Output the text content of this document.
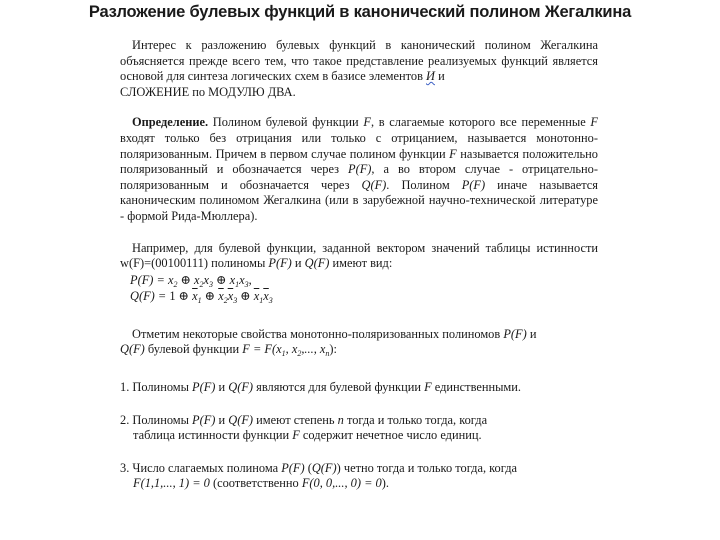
Разложение булевых функций в канонический полином Жегалкина

Интерес к разложению булевых функций в канонический полином Жегалкина объясняется прежде всего тем, что такое представление реализуемых функций является основой для синтеза логических схем в базисе элементов И и
СЛОЖЕНИЕ по МОДУЛЮ ДВА.

Определение. Полином булевой функции F, в слагаемые которого все переменные F входят только без отрицания или только с отрицанием, называется монотонно-поляризованным. Причем в первом случае полином функции F называется положительно поляризованный и обозначается через P(F), а во втором случае - отрицательно-поляризованным и обозначается через Q(F). Полином P(F) иначе называется каноническим полиномом Жегалкина (или в зарубежной научно-технической литературе - формой Рида-Мюллера).

Например, для булевой функции, заданной вектором значений таблицы истинности w(F)=(00100111) полиномы P(F) и Q(F) имеют вид:

$P(F) = x_2$ ⊕ $x_2x_3$ ⊕ $x_1x_3$,

Q(F) = 1 ⊕ $\overline{x}_1$ ⊕ $\overline{x}_2\overline{x}_3$ ⊕ $\overline{x}_1\overline{x}_3$

Отметим некоторые свойства монотонно-поляризованных полиномов P(F) и
Q(F) булевой функции $F = F(x_1$, $x_2$,..., $x_n$):

1. Полиномы P(F) и Q(F) являются для булевой функции F единственными.

2. Полиномы P(F) и Q(F) имеют степень n тогда и только тогда, когда

таблица истинности функции F содержит нечетное число единиц.

3. Число слагаемых полинома P(F) (Q(F)) четно тогда и только тогда, когда

F(1,1,..., 1) = 0 (соответственно F(0, 0,..., 0) = 0).
